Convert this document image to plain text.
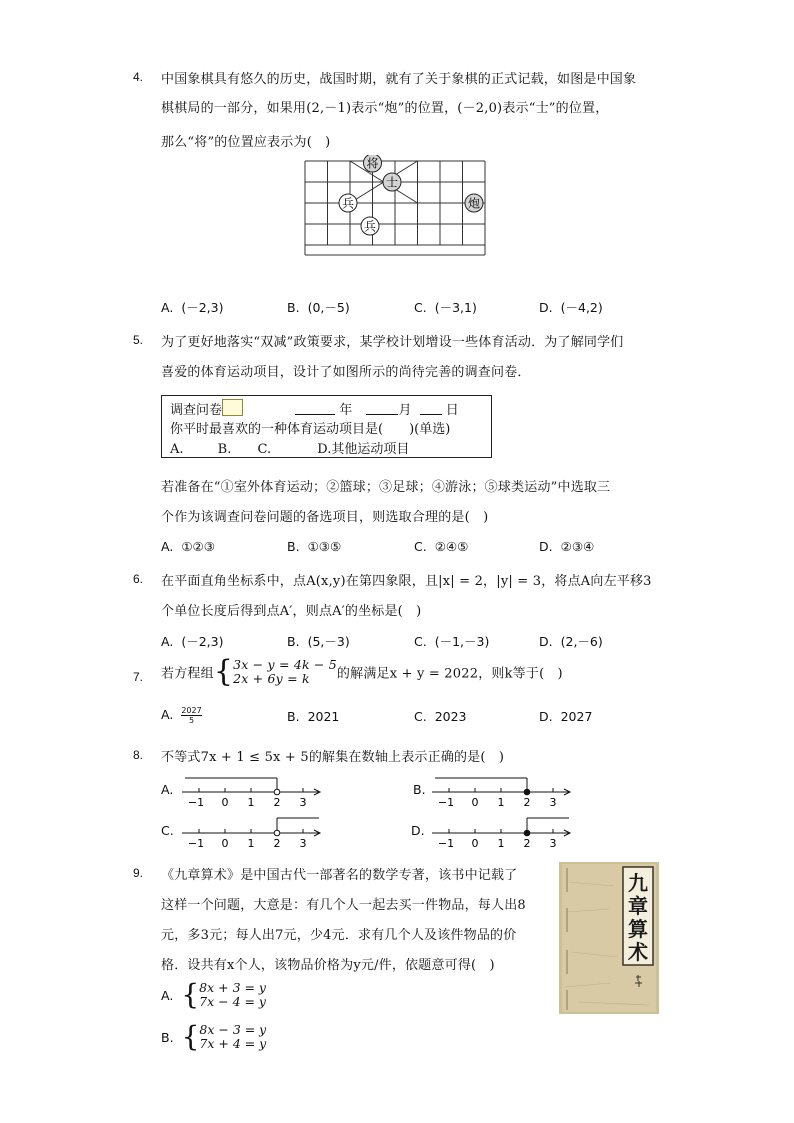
4. 中国象棋具有悠久的历史，战国时期，就有了关于象棋的正式记载，如图是中国象
棋棋局的一部分，如果用(2,－1)表示“炮”的位置，(－2,0)表示“士”的位置，
那么“将”的位置应表示为(　)
将
士
兵	炮
兵
A. (－2,3)	B. (0,－5)	C. (－3,1)	D. (－4,2)
5. 为了更好地落实“双减”政策要求，某学校计划增设一些体育活动．为了解同学们
喜爱的体育运动项目，设计了如图所示的尚待完善的调查问卷．
调查问卷	年	月	日
你平时最喜欢的一种体育运动项目是(　　)(单选)
A.	B. C.	D.其他运动项目
若准备在“①室外体育运动；②篮球；③足球；④游泳；⑤球类运动”中选取三
个作为该调查问卷问题的备选项目，则选取合理的是(　)
A. ①②③	B. ①③⑤	C. ②④⑤	D. ②③④
6. 在平面直角坐标系中，点A(x,y)在第四象限，且|x| = 2，|y| = 3，将点A向左平移3
个单位长度后得到点A′，则点A′的坐标是(　)
A. (－2,3)	B. (5,－3)	C. (－1,－3)	D. (2,－6)
7. 若方程组{ 3x − y = 4k − 5
2x + 6y = k	的解满足x + y = 2022，则k等于(　)
A. $\frac{2027}{5}$	B. 2021	C. 2023	D. 2027
8. 不等式7x + 1 ≤ 5x + 5的解集在数轴上表示正确的是(　)
A.
−1 0 1 2 3
B.
−1 0 1 2 3
C.
−1 0 1 2 3
D.
−1 0 1 2 3
9. 《九章算术》是中国古代一部著名的数学专著，该书中记载了
这样一个问题，大意是：有几个人一起去买一件物品，每人出8
元，多3元；每人出7元，少4元．求有几个人及该件物品的价
格．设共有x个人，该物品价格为y元/件，依题意可得(　)
A. { 8x + 3 = y
7x − 4 = y
B. { 8x − 3 = y
7x + 4 = y
九
章
算
术
